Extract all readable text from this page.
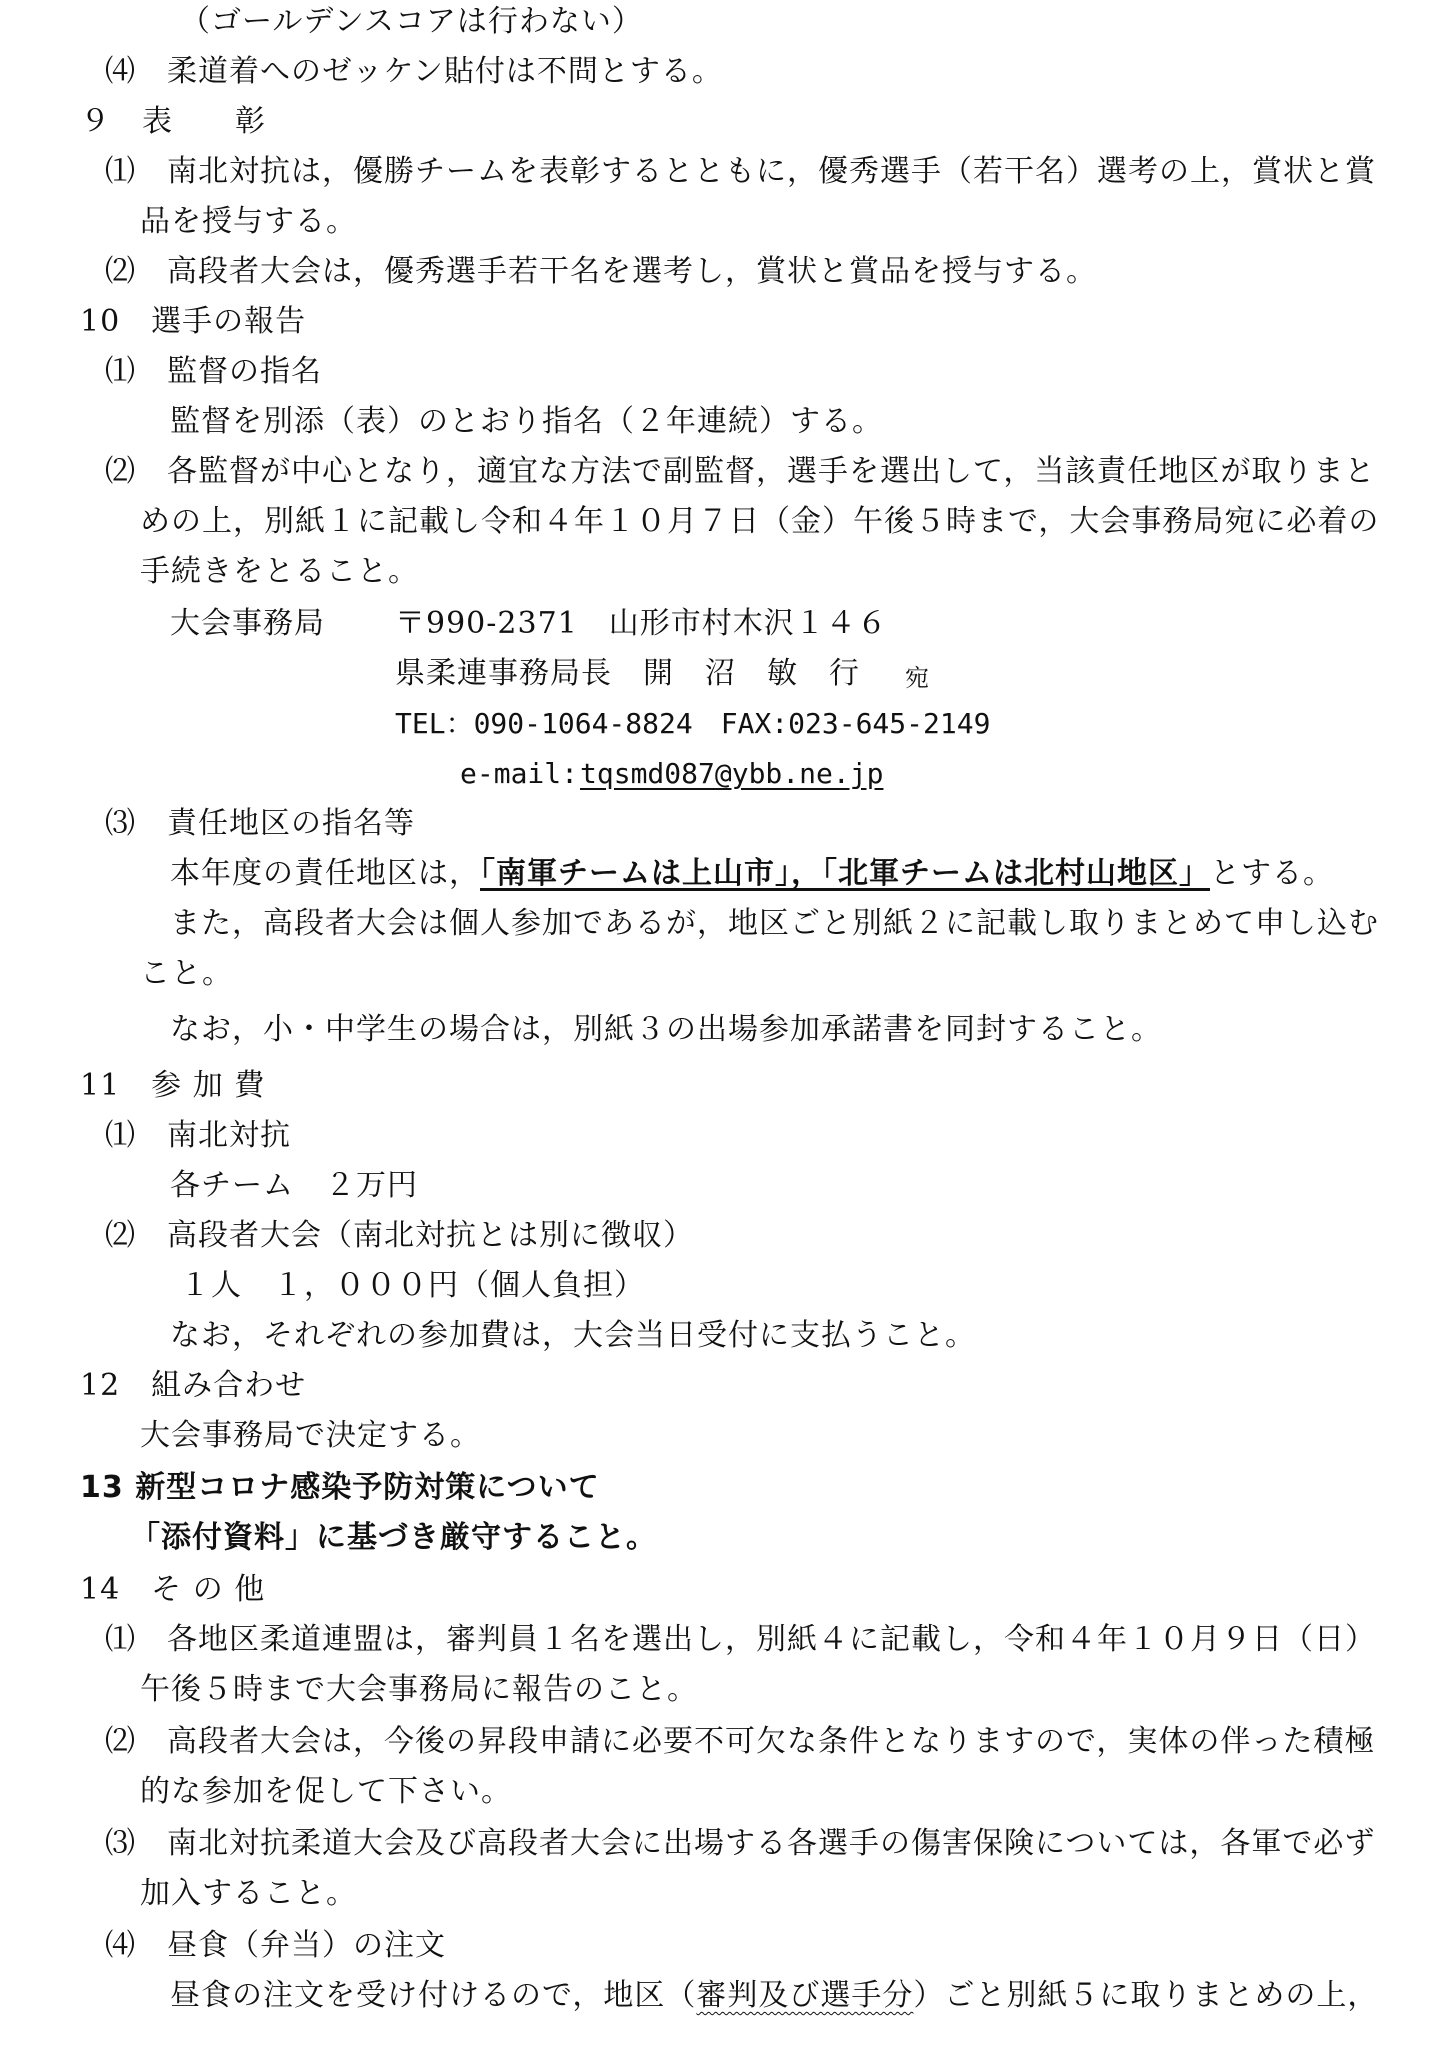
（ゴールデンスコアは行わない）
⑷　柔道着へのゼッケン貼付は不問とする。
９　表　　彰
⑴　南北対抗は，優勝チームを表彰するとともに，優秀選手（若干名）選考の上，賞状と賞
品を授与する。
⑵　高段者大会は，優秀選手若干名を選考し，賞状と賞品を授与する。
10　選手の報告
⑴　監督の指名
監督を別添（表）のとおり指名（２年連続）する。
⑵　各監督が中心となり，適宜な方法で副監督，選手を選出して，当該責任地区が取りまと
めの上，別紙１に記載し令和４年１０月７日（金）午後５時まで，大会事務局宛に必着の
手続きをとること。
大会事務局 〒990-2371　山形市村木沢１４６
県柔連事務局長　開　沼　敏　行 宛
TEL：090-1064-8824　FAX:023-645-2149
e-mail: tqsmd087@ybb.ne.jp
⑶　責任地区の指名等
本年度の責任地区は，「南軍チームは上山市」，「北軍チームは北村山地区」とする。
また，高段者大会は個人参加であるが，地区ごと別紙２に記載し取りまとめて申し込む
こと。
なお，小・中学生の場合は，別紙３の出場参加承諾書を同封すること。
11　参 加 費
⑴　南北対抗
各チーム　２万円
⑵　高段者大会（南北対抗とは別に徴収）
１人　１，０００円（個人負担）
なお，それぞれの参加費は，大会当日受付に支払うこと。
12　組み合わせ
大会事務局で決定する。
13 新型コロナ感染予防対策について
「添付資料」に基づき厳守すること。
14　そ の 他
⑴　各地区柔道連盟は，審判員１名を選出し，別紙４に記載し，令和４年１０月９日（日）
午後５時まで大会事務局に報告のこと。
⑵　高段者大会は，今後の昇段申請に必要不可欠な条件となりますので，実体の伴った積極
的な参加を促して下さい。
⑶　南北対抗柔道大会及び高段者大会に出場する各選手の傷害保険については，各軍で必ず
加入すること。
⑷　昼食（弁当）の注文
昼食の注文を受け付けるので，地区（審判及び選手分）ごと別紙５に取りまとめの上，
